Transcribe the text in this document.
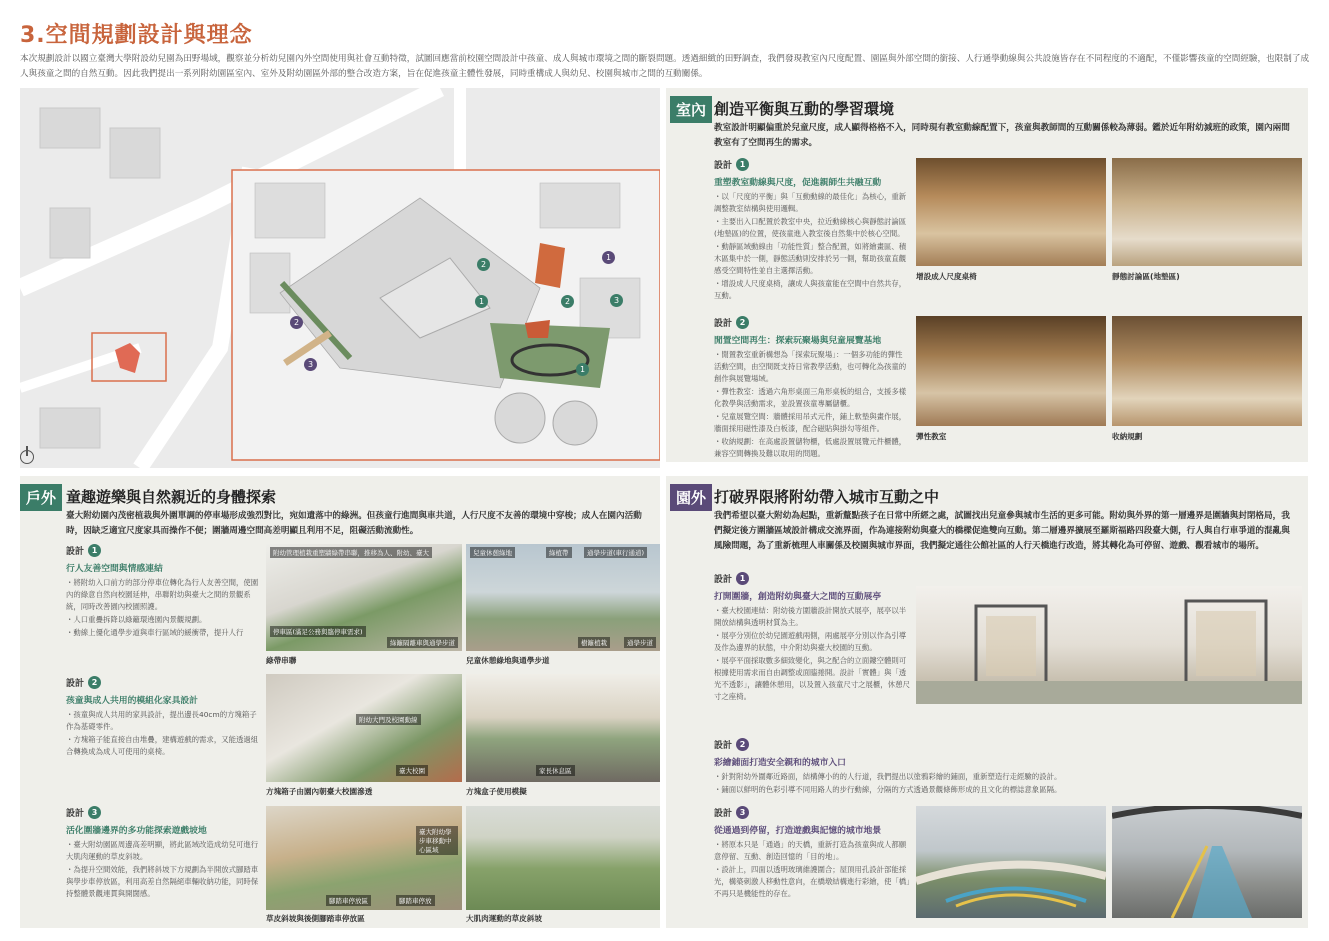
3.空間規劃設計與理念
本次規劃設計以國立臺灣大學附設幼兒園為田野場域，觀察並分析幼兒園內外空間使用與社會互動特徵，試圖回應當前校園空間設計中孩童、成人與城市環境之間的斷裂問題。透過細緻的田野調查，我們發現教室內尺度配置、園區與外部空間的銜接、人行通學動線與公共設施皆存在不同程度的不適配，不僅影響孩童的空間經驗，也限制了成人與孩童之間的自然互動。因此我們提出一系列附幼園區室內、室外及附幼園區外部的整合改造方案，旨在促進孩童主體性發展，同時重構成人與幼兒、校園與城市之間的互動關係。
1
2
3
1
2
3
1
2
室內 創造平衡與互動的學習環境
教室設計明顯偏重於兒童尺度，成人顯得格格不入，同時現有教室動線配置下，孩童與教師間的互動關係較為薄弱。鑑於近年附幼減班的政策，園內兩間教室有了空間再生的需求。
設計 1
重塑教室動線與尺度，促進親師生共融互動
・以「尺度的平衡」與「互動動線的最佳化」為核心，重新調整教室結構與使用邏輯。
・主要出入口配置於教室中央，拉近動線核心與靜態討論區(地墊區)的位置，使孩童進入教室後自然集中於核心空間。
・動靜區域動線由「功能性質」整合配置，如將繪畫區、積木區集中於一側，靜態活動則安排於另一側，幫助孩童直觀感受空間特性並自主選擇活動。
・增設成人尺度桌椅，讓成人與孩童能在空間中自然共存，互動。
增設成人尺度桌椅	靜態討論區(地墊區)
設計 2
閒置空間再生：探索玩聚場與兒童展覽基地
・閒置教室重新構想為「探索玩聚場」：一個多功能的彈性活動空間，由空間既支持日常教學活動，也可轉化為孩童的創作與展覽場域。
・彈性教室：透過六角形桌面三角形桌板的組合，支援多樣化教學與活動需求，並設置孩童專屬儲櫃。
・兒童展覽空間：牆體採用吊式元件，鋪上軟墊與畫作展，牆面採用磁性漆及白板漆，配合磁貼與掛勾等組件。
・收納規劃：在高處設置儲物櫃，低處設置展覽元件櫃體，兼容空間轉換及難以取用的問題。
彈性教室	收納規劃
戶外 童趣遊樂與自然親近的身體探索
臺大附幼園內茂密植栽與外圍單調的停車場形成強烈對比，宛如遺落中的綠洲。但孩童行進間與車共道，人行尺度不友善的環境中穿梭；成人在園內活動時，因缺乏適宜尺度家具而操作不便；圍牆周邊空間高差明顯且利用不足，阻礙活動流動性。
設計 1
行人友善空間與情感連結
・將附幼入口前方的部分停車位轉化為行人友善空間，使園內的綠意自然向校園延伸，串聯附幼與臺大之間的景觀系統，同時改善園內校園照護。
・人口重疊拆降以綠籬環遶園內景觀規劃。
・動線上優化通學步道與車行區域的緩衝帶，提升人行
附幼管理植栽重塑牆綠帶串聯，推移為人、附幼、臺大
停車區(滿足公務與臨停車需求)
綠籬隔離車與通學步道
兒童休憩綠地	綠植帶	通學步道(車行通道)
樹籬植栽	通學步道
綠帶串聯	兒童休憩綠地與通學步道
設計 2
孩童與成人共用的模組化家具設計
・孩童與成人共用的家具設計，提出邊長40cm的方塊箱子作為基礎零件。
・方塊箱子能直接自由堆疊，建構遊戲的需求，又能透過組合轉換成為成人可使用的桌椅。
附幼大門及校園動線
臺大校園	家長休息區
方塊箱子由園內朝臺大校園滲透	方塊盒子使用模擬
設計 3
活化圍牆邊界的多功能探索遊戲坡地
・臺大附幼園區周邊高差明顯，將此區域改造成幼兒可進行大肌肉運動的草皮斜坡。
・為提升空間效能，我們將斜坡下方規劃為半開放式腳踏車與學步車停放區，利用高差自然隔絕車輛收納功能，同時保持整體景觀連貫與開闊感。
臺大附幼學步車移動中心區域
腳踏車停放區	腳踏車停放
草皮斜坡與後側腳踏車停放區	大肌肉運動的草皮斜坡
園外 打破界限將附幼帶入城市互動之中
我們希望以臺大附幼為起點，重新釐點孩子在日常中所經之處，試圖找出兒童參與城市生活的更多可能。附幼與外界的第一層邊界是圍牆與封閉格局，我們擬定後方圍牆區域設計構成交流界面，作為連接附幼與臺大的橋樑促進雙向互動。第二層邊界擴展至羅斯福路四段臺大側，行人與自行車爭道的混亂與風險問題，為了重新梳理人車關係及校園與城市界面，我們擬定通往公館社區的人行天橋進行改造，將其轉化為可停留、遊戲、觀看城市的場所。
設計 1
打開圍牆，創造附幼與臺大之間的互動展亭
・臺大校園連結：附幼後方圍牆設計開放式展亭，展亭以半開放結構與透明材質為主。
・展亭分別位於幼兒園遊戲兩側，兩處展亭分別以作為引導及作為邊界的狀態，中介附幼與臺大校園的互動。
・展亭平面採取數多細致變化，與之配合的立面鏤空體則可根據使用需求而自由調整或面臨捲開。設計「實體」與「透光不透影」，讓體休憩用，以及置入孩童尺寸之展櫃，休憩尺寸之座椅。
設計 2
彩繪鋪面打造安全親和的城市入口
・針對附幼外圍鄰近路面，結構傳小的的人行道，我們提出以塗鴉彩繪的鋪面，重新塑造行走經驗的設計。
・鋪面以鮮明的色彩引導不同用路人的步行動線，分隔的方式透過景觀條飾形成的且文化的標誌意象區隔。
設計 3
從通過到停留，打造遊戲與記憶的城市地景
・將原本只是「通過」的天橋，重新打造為孩童與成人都願意停留、互動、創造回憶的「目的地」。
・設計上，四面以透明玻璃維護圍合；屋頂用孔設計部能採光，構築刺激人移動性意向，在橋墩結構進行彩繪，使「橋」不再只是機能性的存在。
